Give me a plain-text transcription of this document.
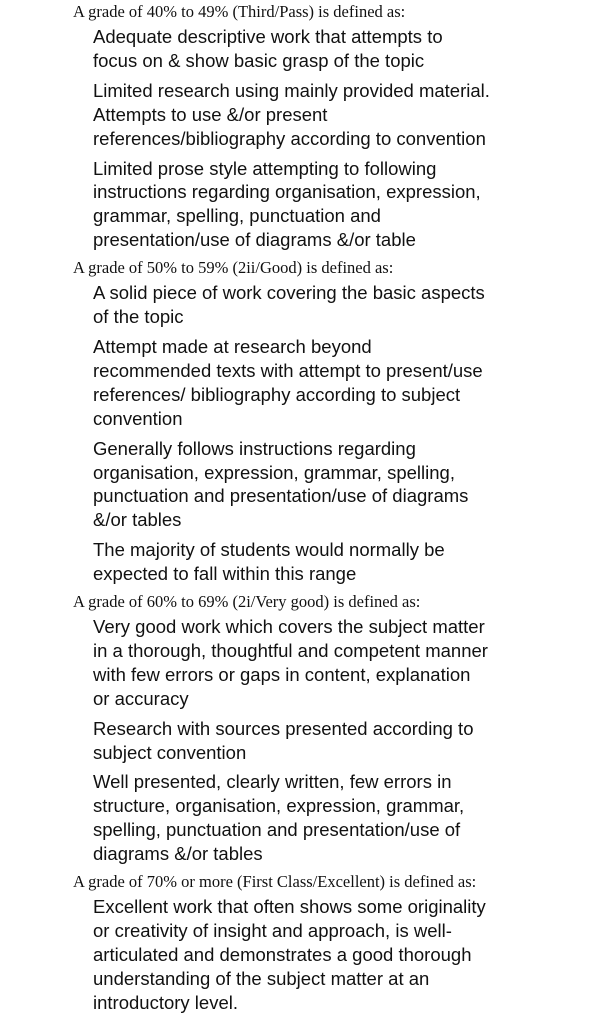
A grade of 40% to 49% (Third/Pass) is defined as:
Adequate descriptive work that attempts to
focus on & show basic grasp of the topic
Limited research using mainly provided material.
Attempts to use &/or present
references/bibliography according to convention
Limited prose style attempting to following
instructions regarding organisation, expression,
grammar, spelling, punctuation and
presentation/use of diagrams &/or table
A grade of 50% to 59% (2ii/Good) is defined as:
A solid piece of work covering the basic aspects
of the topic
Attempt made at research beyond
recommended texts with attempt to present/use
references/ bibliography according to subject
convention
Generally follows instructions regarding
organisation, expression, grammar, spelling,
punctuation and presentation/use of diagrams
&/or tables
The majority of students would normally be
expected to fall within this range
A grade of 60% to 69% (2i/Very good) is defined as:
Very good work which covers the subject matter
in a thorough, thoughtful and competent manner
with few errors or gaps in content, explanation
or accuracy
Research with sources presented according to
subject convention
Well presented, clearly written, few errors in
structure, organisation, expression, grammar,
spelling, punctuation and presentation/use of
diagrams &/or tables
A grade of 70% or more (First Class/Excellent) is defined as:
Excellent work that often shows some originality
or creativity of insight and approach, is well-
articulated and demonstrates a good thorough
understanding of the subject matter at an
introductory level.
